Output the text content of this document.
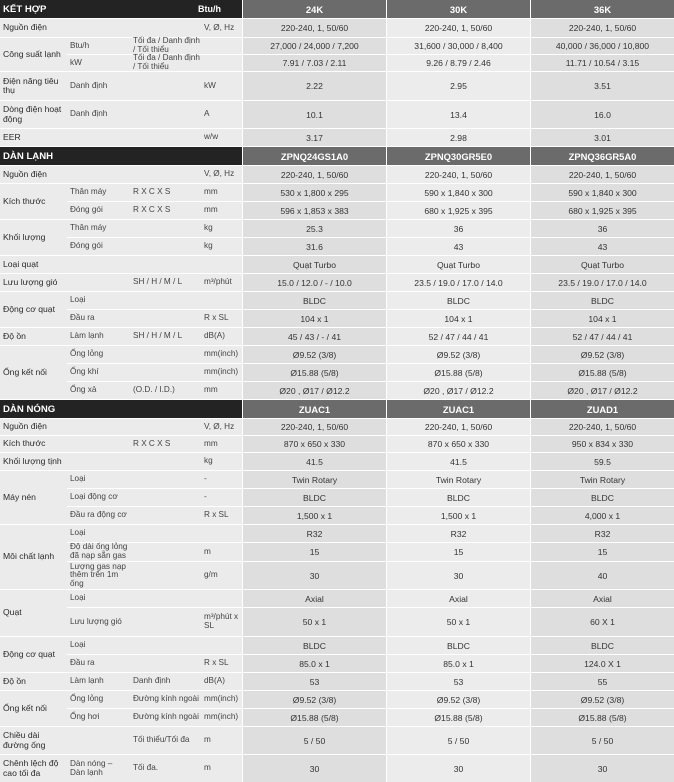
KẾT HỢP	Btu/h	24K	30K	36K
Nguồn điện	V, Ø, Hz	220-240, 1, 50/60	220-240, 1, 50/60	220-240, 1, 50/60
Công suất lạnh
Btu/h	Tối đa / Danh định / Tối thiểu	27,000 / 24,000 / 7,200	31,600 / 30,000 / 8,400	40,000 / 36,000 / 10,800
kW	Tối đa / Danh định / Tối thiểu	7.91 / 7.03 / 2.11	9.26 / 8.79 / 2.46	11.71 / 10.54 / 3.15
Điện năng tiêu thụ	Danh định	kW	2.22	2.95	3.51
Dòng điện hoạt động	Danh định	A	10.1	13.4	16.0
EER	w/w	3.17	2.98	3.01
DÀN LẠNH	ZPNQ24GS1A0	ZPNQ30GR5E0	ZPNQ36GR5A0
Nguồn điện	V, Ø, Hz	220-240, 1, 50/60	220-240, 1, 50/60	220-240, 1, 50/60
Kích thước
Thân máy	R X C X S	mm	530 x 1,800 x 295	590 x 1,840 x 300	590 x 1,840 x 300
Đóng gói	R X C X S	mm	596 x 1,853 x 383	680 x 1,925 x 395	680 x 1,925 x 395
Khối lượng
Thân máy	kg	25.3	36	36
Đóng gói	kg	31.6	43	43
Loại quạt	Quạt Turbo	Quạt Turbo	Quạt Turbo
Lưu lượng gió	SH / H / M / L	m³/phút	15.0 / 12.0 / - / 10.0	23.5 / 19.0 / 17.0 / 14.0	23.5 / 19.0 / 17.0 / 14.0
Động cơ quạt
Loại	BLDC	BLDC	BLDC
Đầu ra	R x SL	104 x 1	104 x 1	104 x 1
Độ ồn	Làm lạnh	SH / H / M / L	dB(A)	45 / 43 / - / 41	52 / 47 / 44 / 41	52 / 47 / 44 / 41
Ống kết nối
Ống lỏng	mm(inch)	Ø9.52 (3/8)	Ø9.52 (3/8)	Ø9.52 (3/8)
Ống khí	mm(inch)	Ø15.88 (5/8)	Ø15.88 (5/8)	Ø15.88 (5/8)
Ống xả	(O.D. / I.D.)	mm	Ø20 , Ø17 / Ø12.2	Ø20 , Ø17 / Ø12.2	Ø20 , Ø17 / Ø12.2
DÀN NÓNG	ZUAC1	ZUAC1	ZUAD1
Nguồn điện	V, Ø, Hz	220-240, 1, 50/60	220-240, 1, 50/60	220-240, 1, 50/60
Kích thước	R X C X S	mm	870 x 650 x 330	870 x 650 x 330	950 x 834 x 330
Khối lượng tịnh	kg	41.5	41.5	59.5
Máy nén
Loại	-	Twin Rotary	Twin Rotary	Twin Rotary
Loại động cơ	-	BLDC	BLDC	BLDC
Đầu ra động cơ	R x SL	1,500 x 1	1,500 x 1	4,000 x 1
Môi chất lạnh
Loại	R32	R32	R32
Độ dài ống lỏng đã nạp sẵn gas	m	15	15	15
Lượng gas nạp thêm trên 1m ống
g/m	30	30	40
Quạt
Loại	Axial	Axial	Axial
Lưu lượng gió	m³/phút x SL	50 x 1	50 x 1	60 X 1
Động cơ quạt
Loại	BLDC	BLDC	BLDC
Đầu ra	R x SL	85.0 x 1	85.0 x 1	124.0 X 1
Độ ồn	Làm lạnh	Danh định	dB(A)	53	53	55
Ống kết nối
Ống lỏng	Đường kính ngoài mm(inch)	Ø9.52 (3/8)	Ø9.52 (3/8)	Ø9.52 (3/8)
Ống hơi	Đường kính ngoài mm(inch)	Ø15.88 (5/8)	Ø15.88 (5/8)	Ø15.88 (5/8)
Chiều dài đường ống	Tối thiểu/Tối đa	m	5 / 50	5 / 50	5 / 50
Chênh lệch độ cao tối đa
Dàn nóng – Dàn lạnh	Tối đa.	m	30	30	30
